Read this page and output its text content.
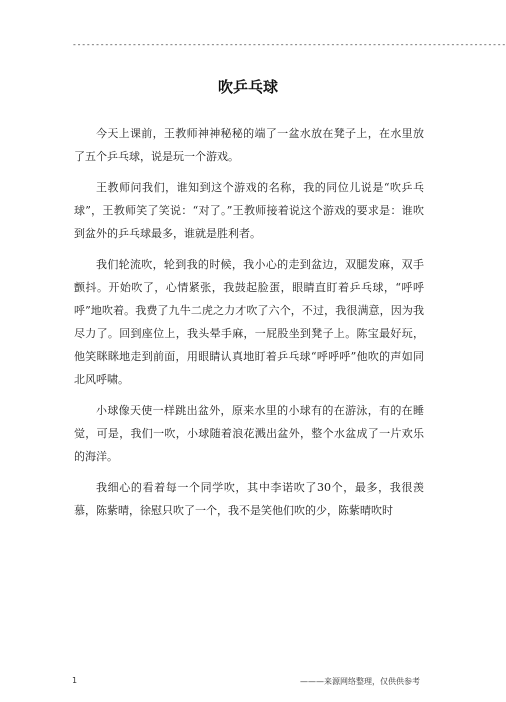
----------------------------------------------------------------------------------------------
吹乒乓球

今天上课前，王教师神神秘秘的端了一盆水放在凳子上，在水里放了五个乒乓球，说是玩一个游戏。

王教师问我们，谁知到这个游戏的名称，我的同位儿说是“吹乒乓球”，王教师笑了笑说：“对了。”王教师接着说这个游戏的要求是：谁吹到盆外的乒乓球最多，谁就是胜利者。

我们轮流吹，轮到我的时候，我小心的走到盆边，双腿发麻，双手颤抖。开始吹了，心情紧张，我鼓起脸蛋，眼睛直盯着乒乓球，“呼呼呼”地吹着。我费了九牛二虎之力才吹了六个，不过，我很满意，因为我尽力了。回到座位上，我头晕手麻，一屁股坐到凳子上。陈宝最好玩，他笑眯眯地走到前面，用眼睛认真地盯着乒乓球“呼呼呼”他吹的声如同北风呼啸。

小球像天使一样跳出盆外，原来水里的小球有的在游泳，有的在睡觉，可是，我们一吹，小球随着浪花溅出盆外，整个水盆成了一片欢乐的海洋。

我细心的看着每一个同学吹，其中李诺吹了30个，最多，我很羡慕，陈紫晴，徐慰只吹了一个，我不是笑他们吹的少，陈紫晴吹时

1	———来源网络整理，仅供供参考
